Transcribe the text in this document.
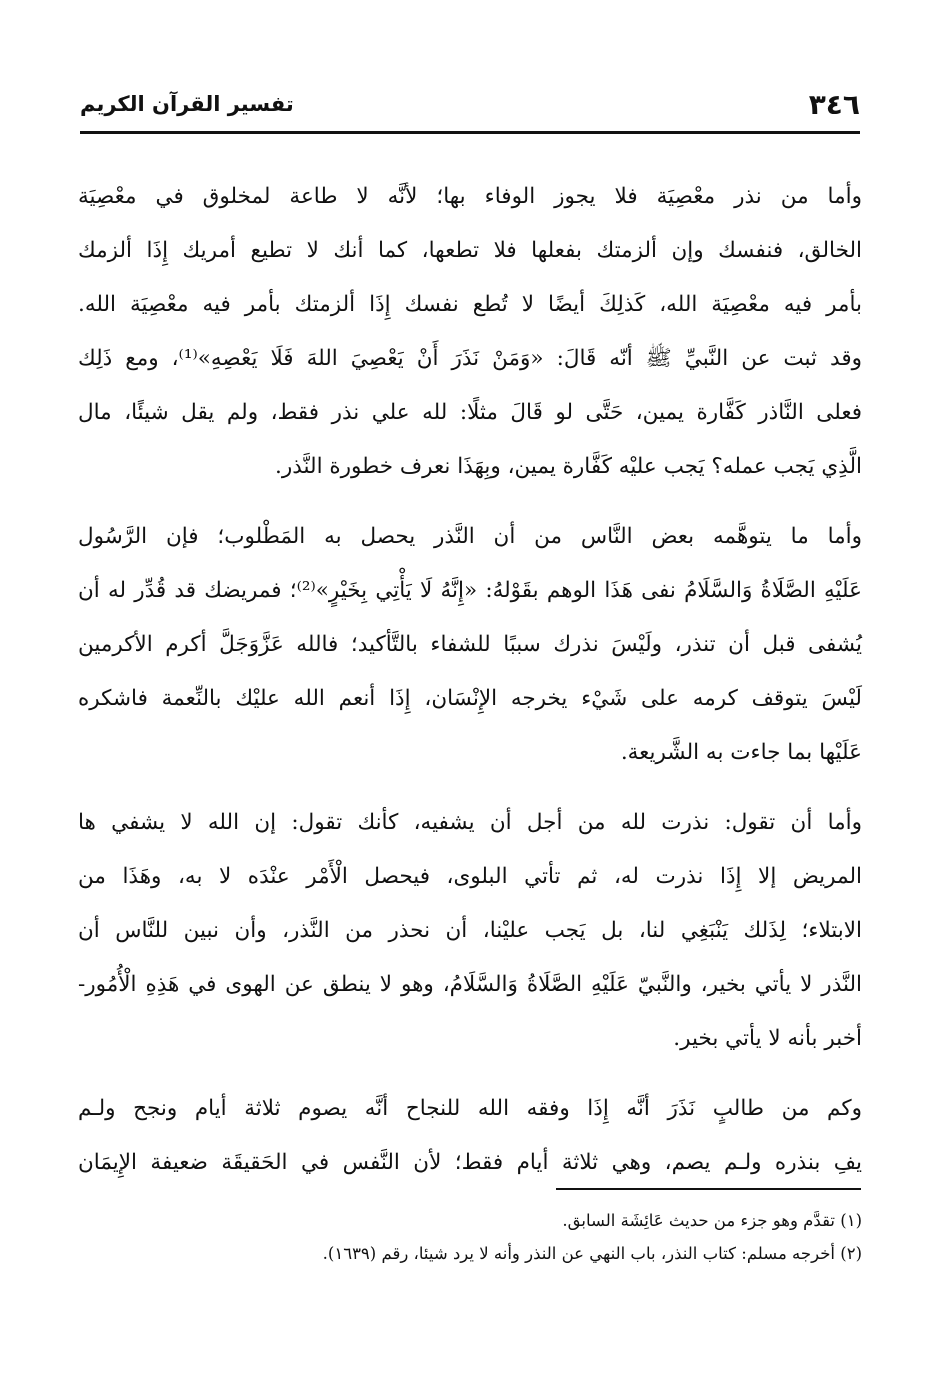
٣٤٦
تفسير القرآن الكريم
وأما من نذر معْصِيَة فلا يجوز الوفاء بها؛ لأنَّه لا طاعة لمخلوق في معْصِيَة
الخالق، فنفسك وإن ألزمتك بفعلها فلا تطعها، كما أنك لا تطيع أمريك إِذَا ألزمك
بأمر فيه معْصِيَة الله، كَذلِكَ أيضًا لا تُطع نفسك إِذَا ألزمتك بأمر فيه معْصِيَة الله.
وقد ثبت عن النَّبيِّ ﷺ أنّه قَالَ: «وَمَنْ نَذَرَ أَنْ يَعْصِيَ اللهَ فَلَا يَعْصِهِ»⁽¹⁾، ومع ذَلِك
فعلى النَّاذر كَفَّارة يمين، حَتَّى لو قَالَ مثلًا: لله علي نذر فقط، ولم يقل شيئًا، مال
الَّذِي يَجب عمله؟ يَجب عليْه كَفَّارة يمين، وبِهَذَا نعرف خطورة النَّذر.
وأما ما يتوهَّمه بعض النَّاس من أن النَّذر يحصل به المَطْلوب؛ فإن الرَّسُول
عَلَيْهِ الصَّلَاةُ وَالسَّلَامُ نفى هَذَا الوهم بقَوْلهُ: «إِنَّهُ لَا يَأْتِي بِخَيْرٍ»⁽²⁾؛ فمريضك قد قُدِّر له أن
يُشفى قبل أن تنذر، ولَيْسَ نذرك سببًا للشفاء بالتَّأكيد؛ فالله عَزَّوَجَلَّ أكرم الأكرمين
لَيْسَ يتوقف كرمه على شَيْء يخرجه الإِنْسَان، إِذَا أنعم الله عليْك بالنِّعمة فاشكره
عَلَيْها بما جاءت به الشَّريعة.
وأما أن تقول: نذرت لله من أجل أن يشفيه، كأنك تقول: إن الله لا يشفي ها
المريض إلا إِذَا نذرت له، ثم تأتي البلوى، فيحصل الْأَمْر عنْدَه لا به، وهَذَا من
الابتلاء؛ لِذَلك يَنْبَغِي لنا، بل يَجب عليْنا، أن نحذر من النَّذر، وأن نبين للنَّاس أن
النَّذر لا يأتي بخير، والنَّبيّ عَلَيْهِ الصَّلَاةُ وَالسَّلَامُ، وهو لا ينطق عن الهوى في هَذِهِ الْأُمُور-
أخبر بأنه لا يأتي بخير.
وكم من طالبٍ نَذَرَ أنَّه إِذَا وفقه الله للنجاح أنَّه يصوم ثلاثة أيام ونجح ولـم
يفِ بنذره ولـم يصم، وهي ثلاثة أيام فقط؛ لأن النَّفس في الحَقيقَة ضعيفة الإِيمَان
(١) تقدَّم وهو جزء من حديث عَائِشَة السابق.
(٢) أخرجه مسلم: كتاب النذر، باب النهي عن النذر وأنه لا يرد شيئا، رقم (١٦٣٩).
